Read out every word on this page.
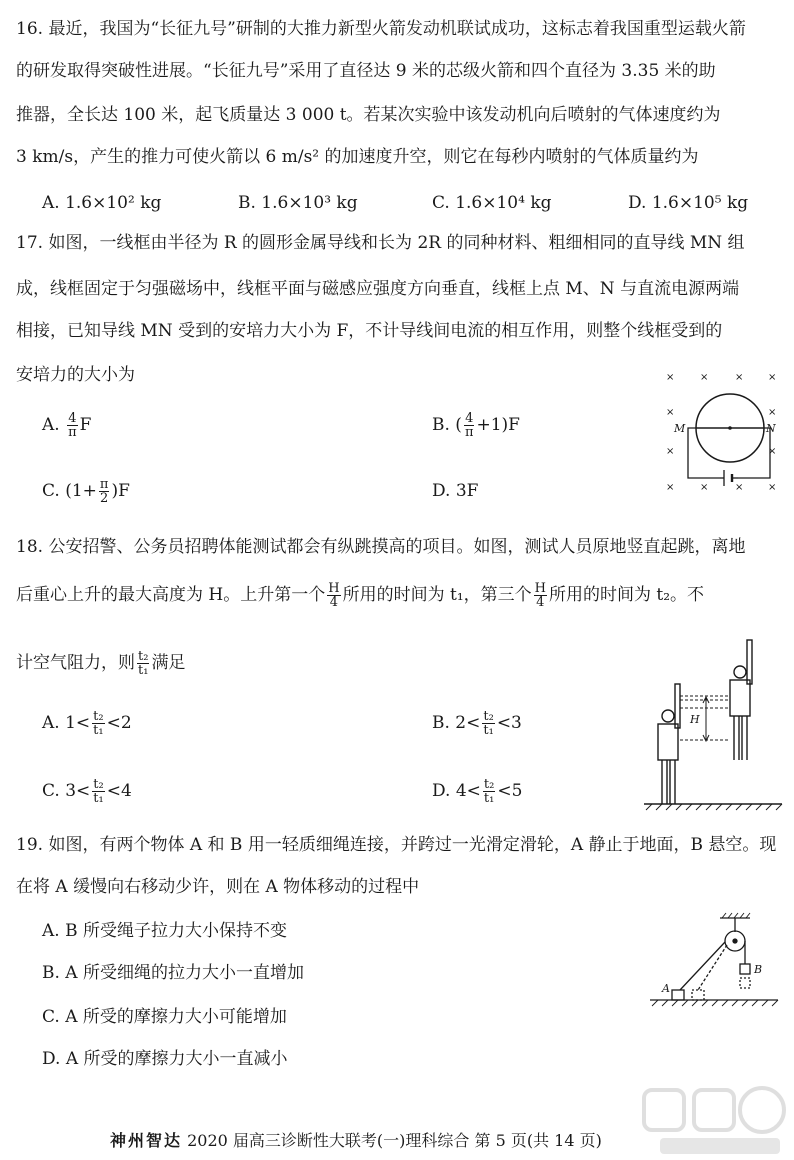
16. 最近，我国为“长征九号”研制的大推力新型火箭发动机联试成功，这标志着我国重型运载火箭
的研发取得突破性进展。“长征九号”采用了直径达 9 米的芯级火箭和四个直径为 3.35 米的助
推器，全长达 100 米，起飞质量达 3 000 t。若某次实验中该发动机向后喷射的气体速度约为
3 km/s，产生的推力可使火箭以 6 m/s² 的加速度升空，则它在每秒内喷射的气体质量约为
A. 1.6×10² kg	B. 1.6×10³ kg	C. 1.6×10⁴ kg	D. 1.6×10⁵ kg
17. 如图，一线框由半径为 R 的圆形金属导线和长为 2R 的同种材料、粗细相同的直导线 MN 组
成，线框固定于匀强磁场中，线框平面与磁感应强度方向垂直，线框上点 M、N 与直流电源两端
相接，已知导线 MN 受到的安培力大小为 F，不计导线间电流的相互作用，则整个线框受到的
安培力的大小为
A. $\frac{4}{\pi}$ F	B. ( $\frac{4}{\pi} +1)F$
C. $(1+ \frac{\pi}{2} )F$	D. 3F
×	×	× ×
×	×
×	×
×	×	× ×
M	N
18. 公安招警、公务员招聘体能测试都会有纵跳摸高的项目。如图，测试人员原地竖直起跳，离地
后重心上升的最大高度为 H。上升第一个 $\frac{H}{4}$ 所用的时间为 t₁，第三个 $\frac{H}{4}$ 所用的时间为 t₂。不
计空气阻力，则 $\frac{\text{t₂}}{\text{t₁}}$ 满足
A. $1< \frac{\text{t₂}}{\text{t₁}} <2$	B. $2< \frac{\text{t₂}}{\text{t₁}} <3$
C. $3< \frac{\text{t₂}}{\text{t₁}} <4$	D. $4< \frac{\text{t₂}}{\text{t₁}} <5$
H
19. 如图，有两个物体 A 和 B 用一轻质细绳连接，并跨过一光滑定滑轮，A 静止于地面，B 悬空。现
在将 A 缓慢向右移动少许，则在 A 物体移动的过程中
A. B 所受绳子拉力大小保持不变
B. A 所受细绳的拉力大小一直增加
C. A 所受的摩擦力大小可能增加
D. A 所受的摩擦力大小一直减小
A
B
神州智达 2020 届高三诊断性大联考(一)理科综合 第 5 页(共 14 页)
